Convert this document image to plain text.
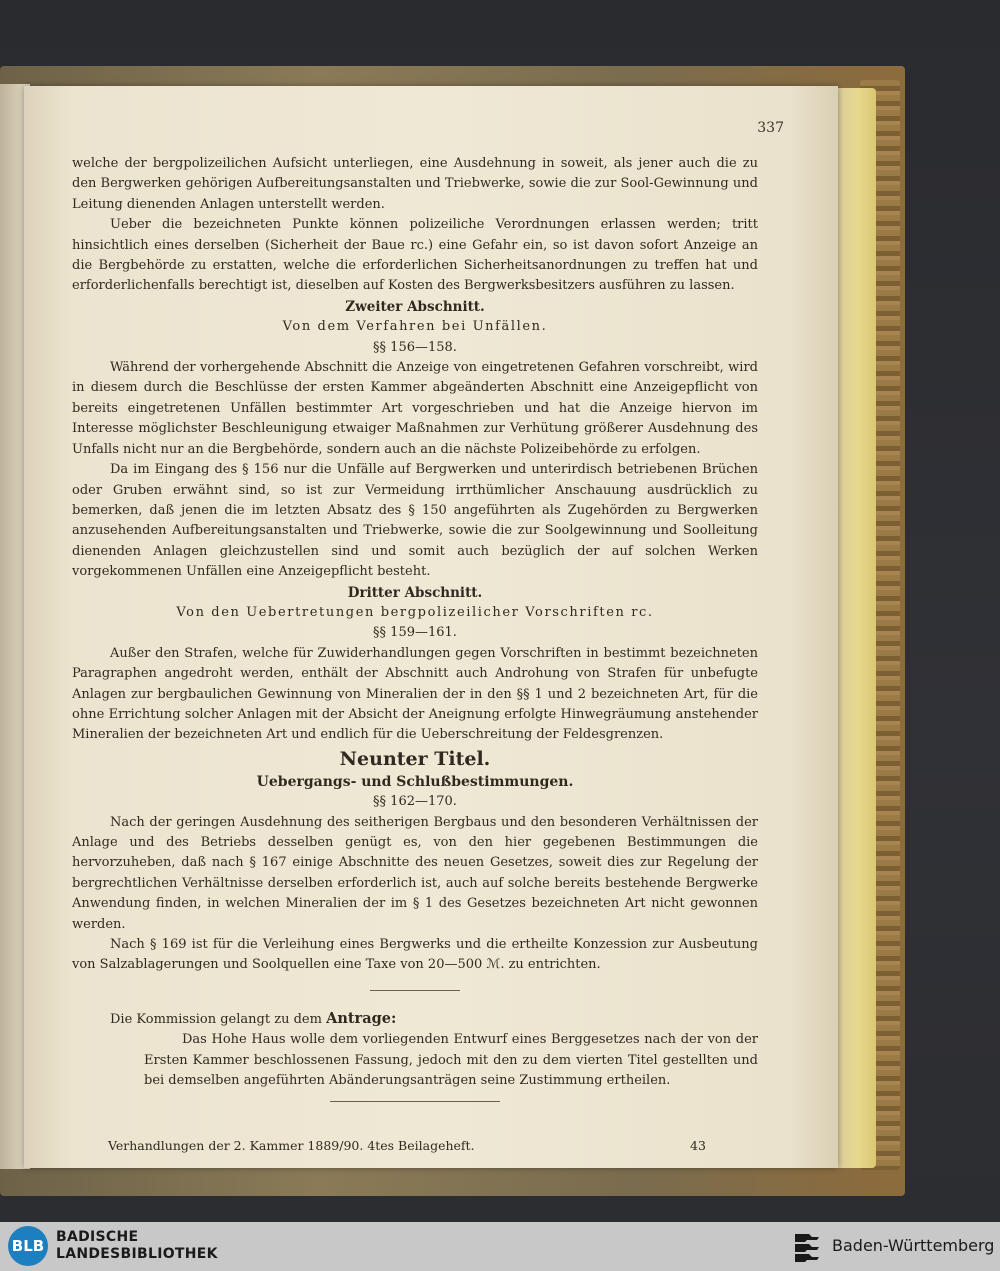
337

welche der bergpolizeilichen Aufsicht unterliegen, eine Ausdehnung in soweit, als jener auch die zu den Bergwerken gehörigen Aufbereitungsanstalten und Triebwerke, sowie die zur Sool-Gewinnung und Leitung dienenden Anlagen unterstellt werden.

Ueber die bezeichneten Punkte können polizeiliche Verordnungen erlassen werden; tritt hinsichtlich eines derselben (Sicherheit der Baue rc.) eine Gefahr ein, so ist davon sofort Anzeige an die Bergbehörde zu erstatten, welche die erforderlichen Sicherheitsanordnungen zu treffen hat und erforderlichenfalls berechtigt ist, dieselben auf Kosten des Bergwerksbesitzers ausführen zu lassen.

Zweiter Abschnitt.

Von dem Verfahren bei Unfällen.

§§ 156—158.

Während der vorhergehende Abschnitt die Anzeige von eingetretenen Gefahren vorschreibt, wird in diesem durch die Beschlüsse der ersten Kammer abgeänderten Abschnitt eine Anzeigepflicht von bereits eingetretenen Unfällen bestimmter Art vorgeschrieben und hat die Anzeige hiervon im Interesse möglichster Beschleunigung etwaiger Maßnahmen zur Verhütung größerer Ausdehnung des Unfalls nicht nur an die Bergbehörde, sondern auch an die nächste Polizeibehörde zu erfolgen.

Da im Eingang des § 156 nur die Unfälle auf Bergwerken und unterirdisch betriebenen Brüchen oder Gruben erwähnt sind, so ist zur Vermeidung irrthümlicher Anschauung ausdrücklich zu bemerken, daß jenen die im letzten Absatz des § 150 angeführten als Zugehörden zu Bergwerken anzusehenden Aufbereitungsanstalten und Triebwerke, sowie die zur Soolgewinnung und Soolleitung dienenden Anlagen gleichzustellen sind und somit auch bezüglich der auf solchen Werken vorgekommenen Unfällen eine Anzeigepflicht besteht.

Dritter Abschnitt.

Von den Uebertretungen bergpolizeilicher Vorschriften rc.

§§ 159—161.

Außer den Strafen, welche für Zuwiderhandlungen gegen Vorschriften in bestimmt bezeichneten Paragraphen angedroht werden, enthält der Abschnitt auch Androhung von Strafen für unbefugte Anlagen zur bergbaulichen Gewinnung von Mineralien der in den §§ 1 und 2 bezeichneten Art, für die ohne Errichtung solcher Anlagen mit der Absicht der Aneignung erfolgte Hinwegräumung anstehender Mineralien der bezeichneten Art und endlich für die Ueberschreitung der Feldesgrenzen.

Neunter Titel.

Uebergangs- und Schlußbestimmungen.

§§ 162—170.

Nach der geringen Ausdehnung des seitherigen Bergbaus und den besonderen Verhältnissen der Anlage und des Betriebs desselben genügt es, von den hier gegebenen Bestimmungen die hervorzuheben, daß nach § 167 einige Abschnitte des neuen Gesetzes, soweit dies zur Regelung der bergrechtlichen Verhältnisse derselben erforderlich ist, auch auf solche bereits bestehende Bergwerke Anwendung finden, in welchen Mineralien der im § 1 des Gesetzes bezeichneten Art nicht gewonnen werden.

Nach § 169 ist für die Verleihung eines Bergwerks und die ertheilte Konzession zur Ausbeutung von Salzablagerungen und Soolquellen eine Taxe von 20—500 ℳ. zu entrichten.

Die Kommission gelangt zu dem Antrage:

Das Hohe Haus wolle dem vorliegenden Entwurf eines Berggesetzes nach der von der Ersten Kammer beschlossenen Fassung, jedoch mit den zu dem vierten Titel gestellten und bei demselben angeführten Abänderungsanträgen seine Zustimmung ertheilen.

Verhandlungen der 2. Kammer 1889/90. 4tes Beilageheft.	43
BLB BADISCHE
LANDESBIBLIOTHEK	Baden-Württemberg
